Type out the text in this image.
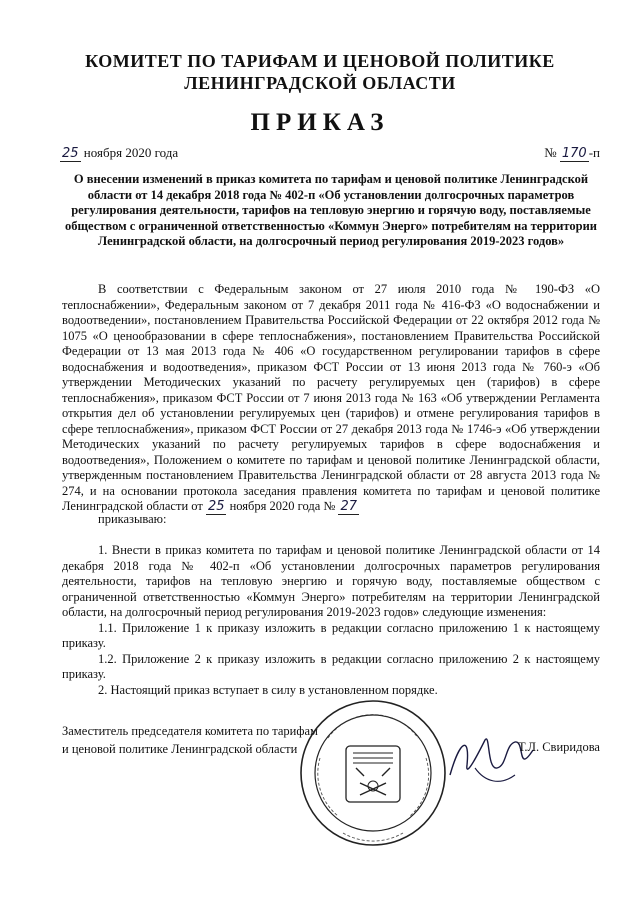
КОМИТЕТ ПО ТАРИФАМ И ЦЕНОВОЙ ПОЛИТИКЕ
ЛЕНИНГРАДСКОЙ ОБЛАСТИ
ПРИКАЗ
25 ноября 2020 года	№ 170 -п
О внесении изменений в приказ комитета по тарифам и ценовой политике Ленинградской области от 14 декабря 2018 года № 402-п «Об установлении долгосрочных параметров регулирования деятельности, тарифов на тепловую энергию и горячую воду, поставляемые обществом с ограниченной ответственностью «Коммун Энерго» потребителям на территории Ленинградской области, на долгосрочный период регулирования 2019-2023 годов»
В соответствии с Федеральным законом от 27 июля 2010 года № 190-ФЗ «О теплоснабжении», Федеральным законом от 7 декабря 2011 года № 416-ФЗ «О водоснабжении и водоотведении», постановлением Правительства Российской Федерации от 22 октября 2012 года № 1075 «О ценообразовании в сфере теплоснабжения», постановлением Правительства Российской Федерации от 13 мая 2013 года № 406 «О государственном регулировании тарифов в сфере водоснабжения и водоотведения», приказом ФСТ России от 13 июня 2013 года № 760-э «Об утверждении Методических указаний по расчету регулируемых цен (тарифов) в сфере теплоснабжения», приказом ФСТ России от 7 июня 2013 года № 163 «Об утверждении Регламента открытия дел об установлении регулируемых цен (тарифов) и отмене регулирования тарифов в сфере теплоснабжения», приказом ФСТ России от 27 декабря 2013 года № 1746-э «Об утверждении Методических указаний по расчету регулируемых тарифов в сфере водоснабжения и водоотведения», Положением о комитете по тарифам и ценовой политике Ленинградской области, утвержденным постановлением Правительства Ленинградской области от 28 августа 2013 года № 274, и на основании протокола заседания правления комитета по тарифам и ценовой политике Ленинградской области от 25 ноября 2020 года № 27
приказываю:

1. Внести в приказ комитета по тарифам и ценовой политике Ленинградской области от 14 декабря 2018 года № 402-п «Об установлении долгосрочных параметров регулирования деятельности, тарифов на тепловую энергию и горячую воду, поставляемые обществом с ограниченной ответственностью «Коммун Энерго» потребителям на территории Ленинградской области, на долгосрочный период регулирования 2019-2023 годов» следующие изменения:

1.1. Приложение 1 к приказу изложить в редакции согласно приложению 1 к настоящему приказу.

1.2. Приложение 2 к приказу изложить в редакции согласно приложению 2 к настоящему приказу.

2. Настоящий приказ вступает в силу в установленном порядке.

Заместитель председателя комитета по тарифам
и ценовой политике Ленинградской области	Т.Л. Свиридова
